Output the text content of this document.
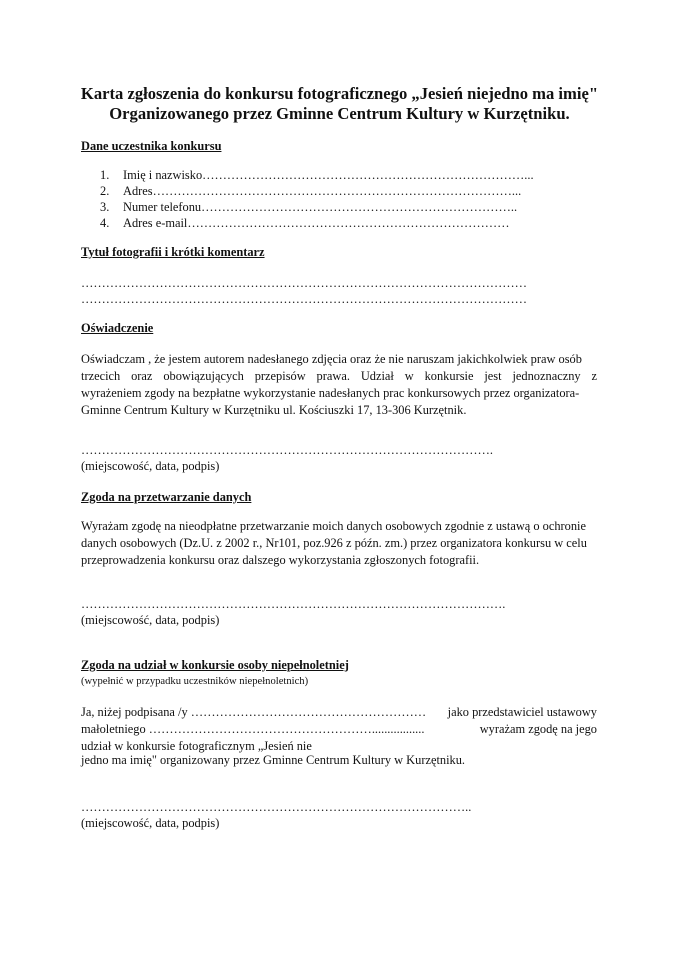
Karta zgłoszenia do konkursu fotograficznego „Jesień niejedno ma imię"
Organizowanego przez Gminne Centrum Kultury w Kurzętniku.
Dane uczestnika konkursu
1. Imię i nazwisko……………………………………………………………………...
2. Adres……………………………………………………………………………...
3. Numer telefonu…………………………………………………………………..
4. Adres e-mail……………………………………………………………………
Tytuł fotografii i krótki komentarz
………………………………………………………………………………………………
………………………………………………………………………………………………
Oświadczenie
Oświadczam , że jestem autorem nadesłanego zdjęcia oraz że nie naruszam jakichkolwiek praw osób
trzecich oraz obowiązujących przepisów prawa. Udział w konkursie jest jednoznaczny z
wyrażeniem zgody na bezpłatne wykorzystanie nadesłanych prac konkursowych przez organizatora-
Gminne Centrum Kultury w Kurzętniku ul. Kościuszki 17, 13-306 Kurzętnik.
……………………………………………………………………………………….
(miejscowość, data, podpis)
Zgoda na przetwarzanie danych
Wyrażam zgodę na nieodpłatne przetwarzanie moich danych osobowych zgodnie z ustawą o ochronie
danych osobowych (Dz.U. z 2002 r., Nr101, poz.926 z późn. zm.) przez organizatora konkursu w celu
przeprowadzenia konkursu oraz dalszego wykorzystania zgłoszonych fotografii.
………………………………………………………………………………………….
(miejscowość, data, podpis)
Zgoda na udział w konkursie osoby niepełnoletniej
(wypełnić w przypadku uczestników niepełnoletnich)
Ja, niżej podpisana /y ………………………………………………… jako przedstawiciel ustawowy
małoletniego ……………………………………………….................	wyrażam zgodę na jego
udział w konkursie fotograficznym „Jesień nie
jedno ma imię" organizowany przez Gminne Centrum Kultury w Kurzętniku.
…………………………………………………………………………………..
(miejscowość, data, podpis)
